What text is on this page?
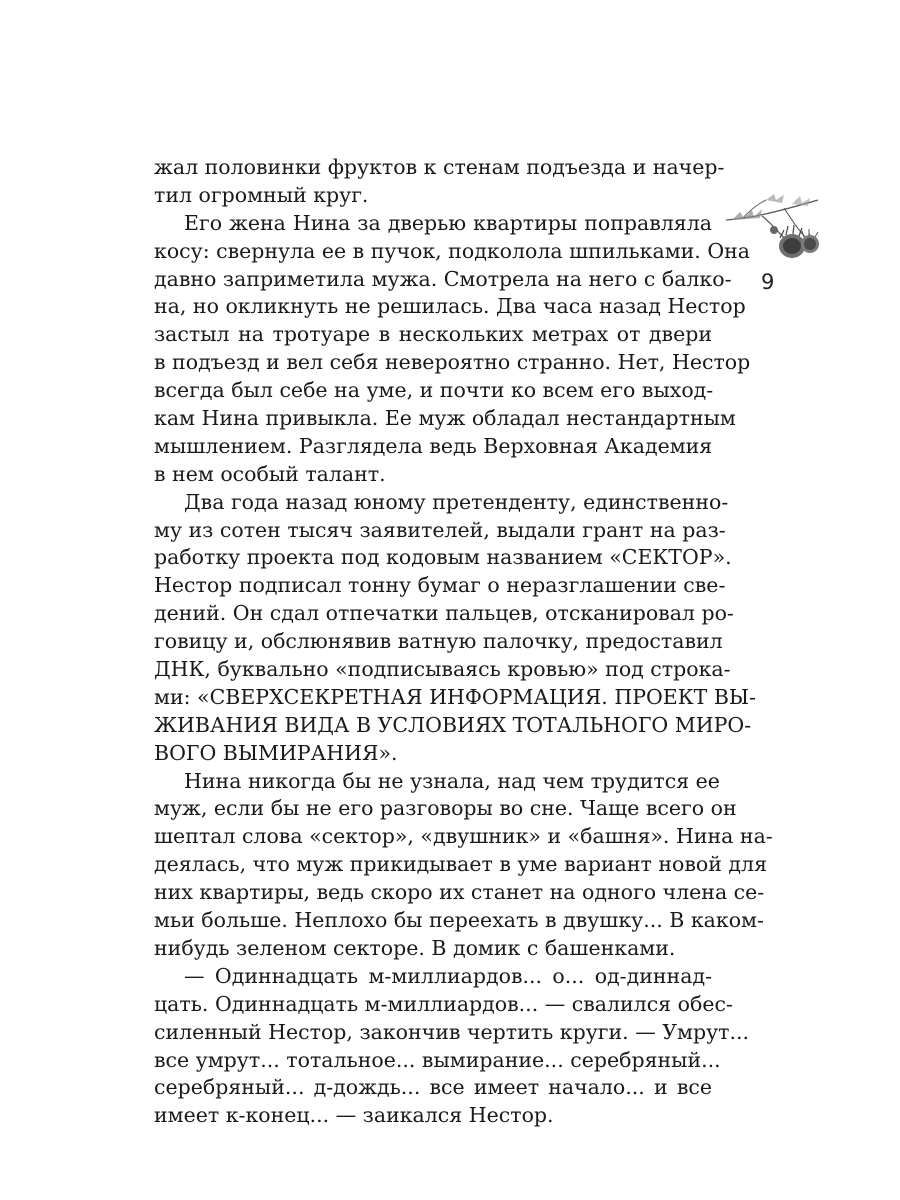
жал половинки фруктов к стенам подъезда и начер-
тил огромный круг.
Его жена Нина за дверью квартиры поправляла
косу: свернула ее в пучок, подколола шпильками. Она
давно заприметила мужа. Смотрела на него с балко-
на, но окликнуть не решилась. Два часа назад Нестор
застыл на тротуаре в нескольких метрах от двери
в подъезд и вел себя невероятно странно. Нет, Нестор
всегда был себе на уме, и почти ко всем его выход-
кам Нина привыкла. Ее муж обладал нестандартным
мышлением. Разглядела ведь Верховная Академия
в нем особый талант.
Два года назад юному претенденту, единственно-
му из сотен тысяч заявителей, выдали грант на раз-
работку проекта под кодовым названием «СЕКТОР».
Нестор подписал тонну бумаг о неразглашении све-
дений. Он сдал отпечатки пальцев, отсканировал ро-
говицу и, обслюнявив ватную палочку, предоставил
ДНК, буквально «подписываясь кровью» под строка-
ми: «СВЕРХСЕКРЕТНАЯ ИНФОРМАЦИЯ. ПРОЕКТ ВЫ-
ЖИВАНИЯ ВИДА В УСЛОВИЯХ ТОТАЛЬНОГО МИРО-
ВОГО ВЫМИРАНИЯ».
Нина никогда бы не узнала, над чем трудится ее
муж, если бы не его разговоры во сне. Чаще всего он
шептал слова «сектор», «двушник» и «башня». Нина на-
деялась, что муж прикидывает в уме вариант новой для
них квартиры, ведь скоро их станет на одного члена се-
мьи больше. Неплохо бы переехать в двушку... В каком-
нибудь зеленом секторе. В домик с башенками.
— Одиннадцать м-миллиардов... о... од-диннад-
цать. Одиннадцать м-миллиардов... — свалился обес-
силенный Нестор, закончив чертить круги. — Умрут...
все умрут... тотальное... вымирание... серебряный...
серебряный... д-дождь... все имеет начало... и все
имеет к-конец... — заикался Нестор.
9
